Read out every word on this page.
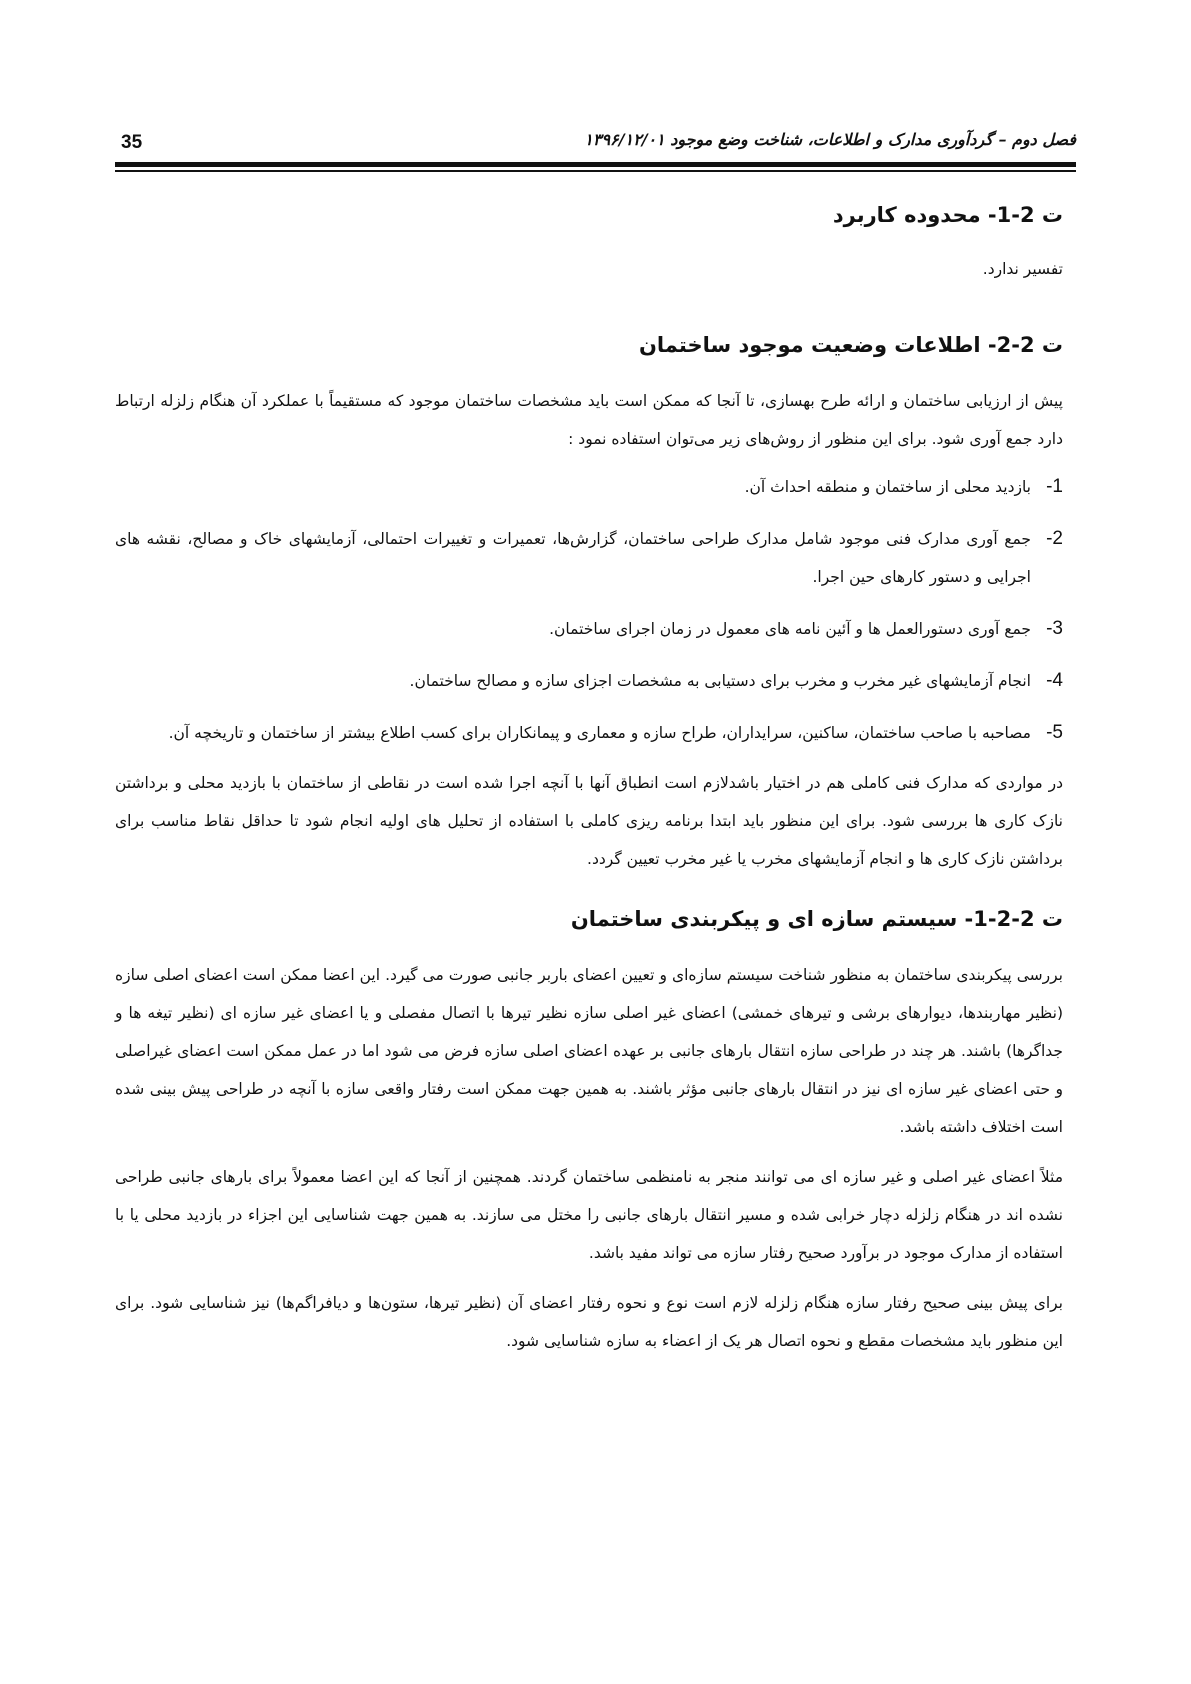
35	فصل دوم – گردآوری مدارک و اطلاعات، شناخت وضع موجود ۱۳۹۶/۱۲/۰۱
ت 2-1- محدوده کاربرد

تفسیر ندارد.

ت 2-2- اطلاعات وضعیت موجود ساختمان

پیش از ارزیابی ساختمان و ارائه طرح بهسازی، تا آنجا که ممکن است باید مشخصات ساختمان موجود که مستقیماً با عملکرد آن هنگام زلزله ارتباط دارد جمع آوری شود. برای این منظور از روش‌های زیر می‌توان استفاده نمود :

1-
بازدید محلی از ساختمان و منطقه احداث آن.
2-
جمع آوری مدارک فنی موجود شامل مدارک طراحی ساختمان، گزارش‌ها، تعمیرات و تغییرات احتمالی، آزمایشهای خاک و مصالح، نقشه های اجرایی و دستور کارهای حین اجرا.
3-
جمع آوری دستورالعمل ها و آئین نامه های معمول در زمان اجرای ساختمان.
4-
انجام آزمایشهای غیر مخرب و مخرب برای دستیابی به مشخصات اجزای سازه و مصالح ساختمان.
5-
مصاحبه با صاحب ساختمان، ساکنین، سرایداران، طراح سازه و معماری و پیمانکاران برای کسب اطلاع بیشتر از ساختمان و تاریخچه آن.

در مواردی که مدارک فنی کاملی هم در اختیار باشدلازم است انطباق آنها با آنچه اجرا شده است در نقاطی از ساختمان با بازدید محلی و برداشتن نازک کاری ها بررسی شود. برای این منظور باید ابتدا برنامه ریزی کاملی با استفاده از تحلیل های اولیه انجام شود تا حداقل نقاط مناسب برای برداشتن نازک کاری ها و انجام آزمایشهای مخرب یا غیر مخرب تعیین گردد.

ت 2-2-1- سیستم سازه ای و پیکربندی ساختمان

بررسی پیکربندی ساختمان به منظور شناخت سیستم سازه‌ای و تعیین اعضای باربر جانبی صورت می گیرد. این اعضا ممکن است اعضای اصلی سازه (نظیر مهاربندها، دیوارهای برشی و تیرهای خمشی) اعضای غیر اصلی سازه نظیر تیرها با اتصال مفصلی و یا اعضای غیر سازه ای (نظیر تیغه ها و جداگرها) باشند. هر چند در طراحی سازه انتقال بارهای جانبی بر عهده اعضای اصلی سازه فرض می شود اما در عمل ممکن است اعضای غیراصلی و حتی اعضای غیر سازه ای نیز در انتقال بارهای جانبی مؤثر باشند. به همین جهت ممکن است رفتار واقعی سازه با آنچه در طراحی پیش بینی شده است اختلاف داشته باشد.

مثلاً اعضای غیر اصلی و غیر سازه ای می توانند منجر به نامنظمی ساختمان گردند. همچنین از آنجا که این اعضا معمولاً برای بارهای جانبی طراحی نشده اند در هنگام زلزله دچار خرابی شده و مسیر انتقال بارهای جانبی را مختل می سازند. به همین جهت شناسایی این اجزاء در بازدید محلی یا با استفاده از مدارک موجود در برآورد صحیح رفتار سازه می تواند مفید باشد.

برای پیش بینی صحیح رفتار سازه هنگام زلزله لازم است نوع و نحوه رفتار اعضای آن (نظیر تیرها، ستون‌ها و دیافراگم‌ها) نیز شناسایی شود. برای این منظور باید مشخصات مقطع و نحوه اتصال هر یک از اعضاء به سازه شناسایی شود.
